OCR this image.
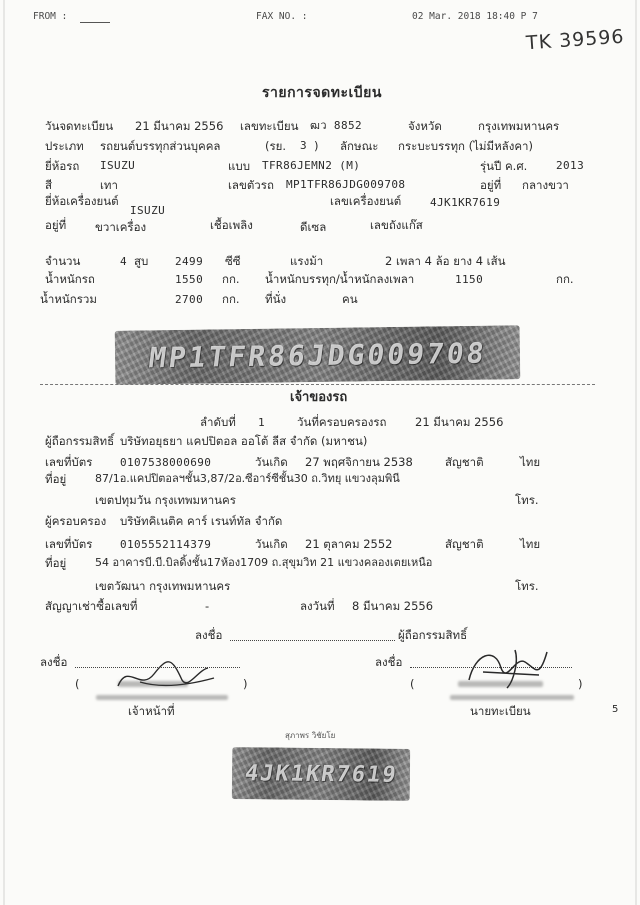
FROM :	FAX NO. :	02 Mar. 2018 18:40 P 7
TK 39596
รายการจดทะเบียน
วันจดทะเบียน 21 มีนาคม 2556 เลขทะเบียน ฒว 8852	จังหวัด	กรุงเทพมหานคร
ประเภท รถยนต์บรรทุกส่วนบุคคล	(รย. 3 ) ลักษณะ กระบะบรรทุก (ไม่มีหลังคา)
ยี่ห้อรถ ISUZU	แบบ TFR86JEMN2 (M)	รุ่นปี ค.ศ.	2013
สี	เทา	เลขตัวรถ MP1TFR86JDG009708	อยู่ที่ กลางขวา
ยี่ห้อเครื่องยนต์
ISUZU
เลขเครื่องยนต์	4JK1KR7619
อยู่ที่	ขวาเครื่อง	เชื้อเพลิง	ดีเซล	เลขถังแก๊ส
จำนวน	4 สูบ 2499 ซีซี	แรงม้า	2 เพลา 4 ล้อ ยาง 4 เส้น
น้ำหนักรถ	1550 กก. น้ำหนักบรรทุก/น้ำหนักลงเพลา	1150	กก.
น้ำหนักรวม	2700 กก. ที่นั่ง	คน
MP1TFR86JDG009708
เจ้าของรถ
ลำดับที่ 1	วันที่ครอบครองรถ 21 มีนาคม 2556
ผู้ถือกรรมสิทธิ์ บริษัทอยุธยา แคปปิตอล ออโต้ ลีส จำกัด (มหาชน)
เลขที่บัตร	0107538000690	วันเกิด 27 พฤศจิกายน 2538	สัญชาติ	ไทย
ที่อยู่	87/1อ.แคปปิตอลฯชั้น3,87/2อ.ซีอาร์ซีชั้น30 ถ.วิทยุ แขวงลุมพินี
เขตปทุมวัน กรุงเทพมหานคร	โทร.
ผู้ครอบครอง บริษัทคิเนติค คาร์ เรนท์ทัล จำกัด
เลขที่บัตร	0105552114379	วันเกิด 21 ตุลาคม 2552	สัญชาติ	ไทย
ที่อยู่	54 อาคารบี.บี.บิลดิ้งชั้น17ห้อง1709 ถ.สุขุมวิท 21 แขวงคลองเตยเหนือ
เขตวัฒนา กรุงเทพมหานคร	โทร.
สัญญาเช่าซื้อเลขที่	-	ลงวันที่ 8 มีนาคม 2556
ลงชื่อ	ผู้ถือกรรมสิทธิ์
ลงชื่อ	ลงชื่อ
(	)	(	)
เจ้าหน้าที่	นายทะเบียน	5
สุภาพร วิชัยโย
4JK1KR7619
